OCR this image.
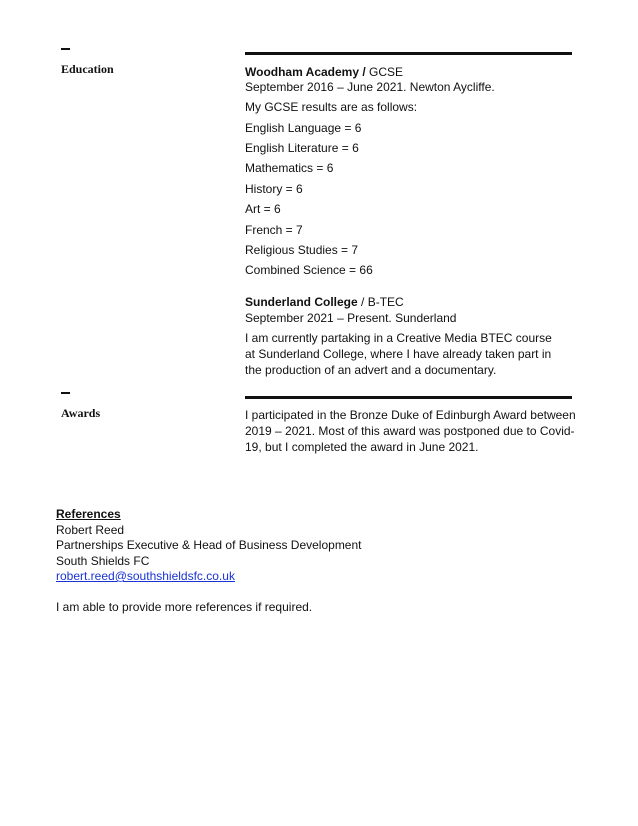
Education	Woodham Academy / GCSE
September 2016 – June 2021. Newton Aycliffe.
My GCSE results are as follows:
English Language = 6
English Literature = 6
Mathematics = 6
History = 6
Art = 6
French = 7
Religious Studies = 7
Combined Science = 66
Sunderland College / B-TEC
September 2021 – Present. Sunderland
I am currently partaking in a Creative Media BTEC course at Sunderland College, where I have already taken part in the production of an advert and a documentary.
Awards	I participated in the Bronze Duke of Edinburgh Award between 2019 – 2021. Most of this award was postponed due to Covid-19, but I completed the award in June 2021.
References
Robert Reed
Partnerships Executive & Head of Business Development
South Shields FC
robert.reed@southshieldsfc.co.uk
I am able to provide more references if required.
